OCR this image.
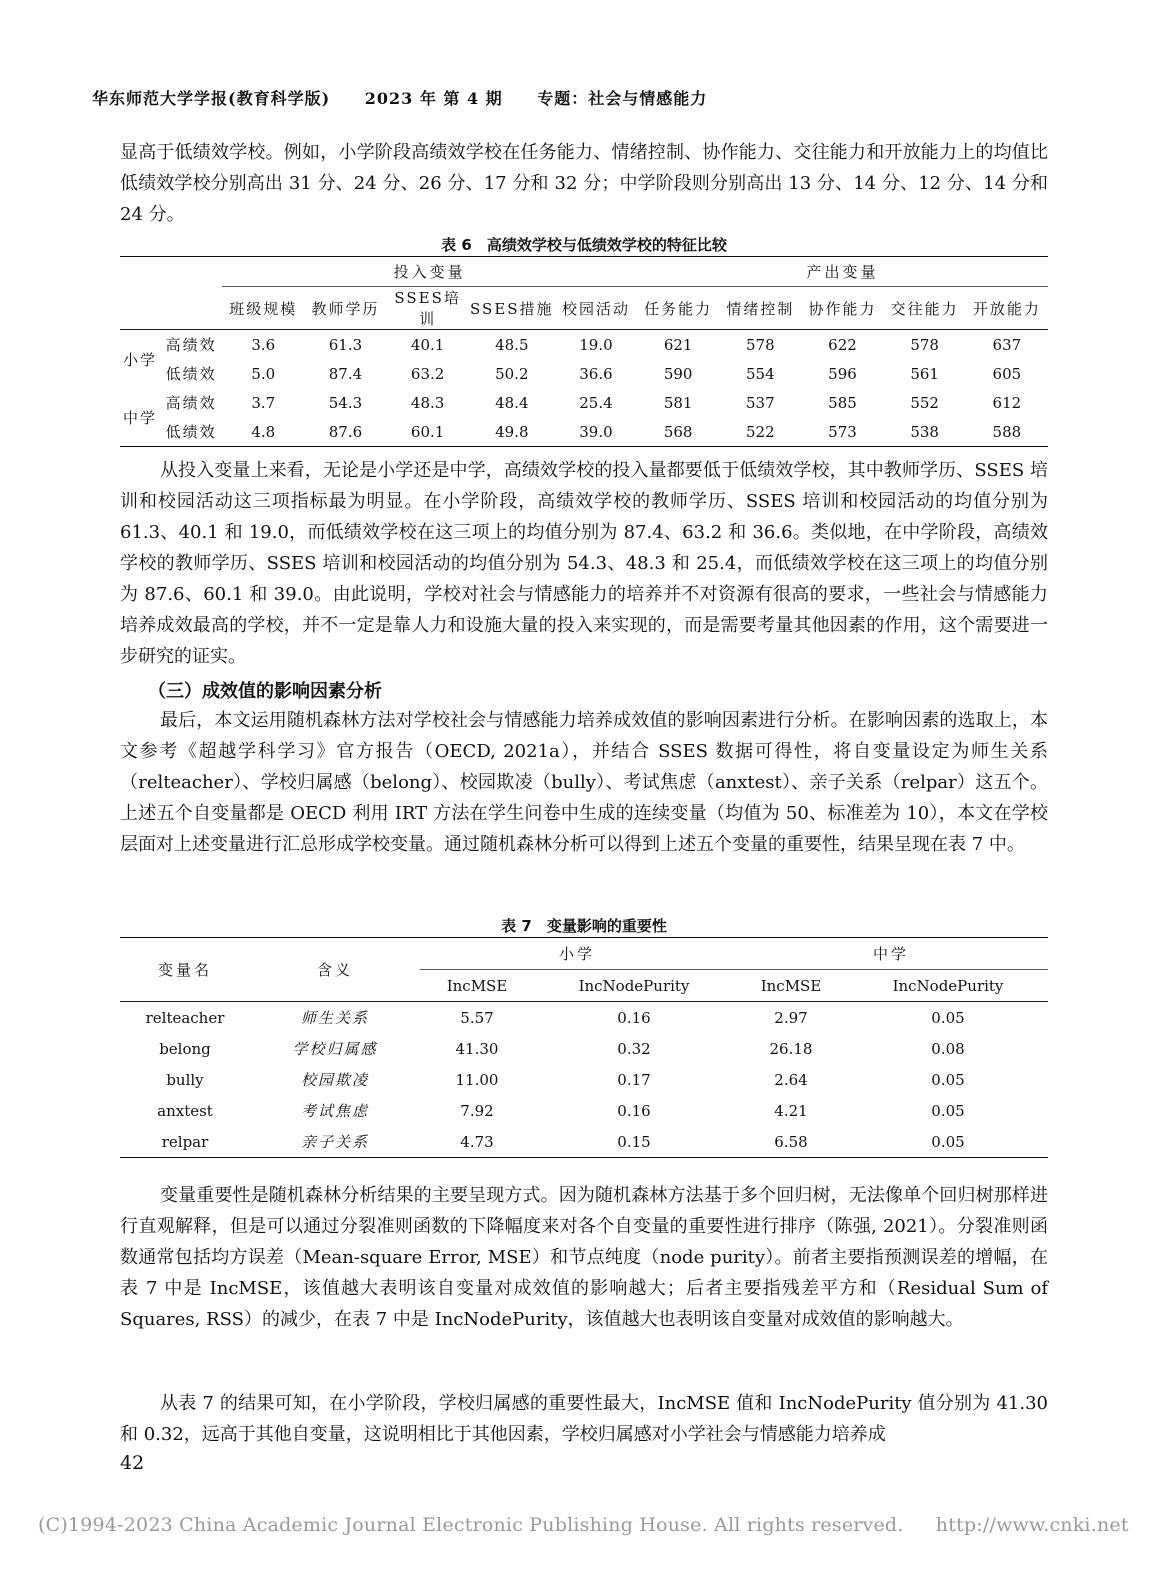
华东师范大学学报(教育科学版) 2023 年 第 4 期 专题：社会与情感能力

显高于低绩效学校。例如，小学阶段高绩效学校在任务能力、情绪控制、协作能力、交往能力和开放能力上的均值比低绩效学校分别高出 31 分、24 分、26 分、17 分和 32 分；中学阶段则分别高出 13 分、14 分、12 分、14 分和 24 分。

表 6　高绩效学校与低绩效学校的特征比较
		投入变量					产出变量				
		班级规模	教师学历	SSES培训	SSES措施	校园活动	任务能力	情绪控制	协作能力	交往能力	开放能力
小学	高绩效	3.6	61.3	40.1	48.5	19.0	621	578	622	578	637
	低绩效	5.0	87.4	63.2	50.2	36.6	590	554	596	561	605
中学	高绩效	3.7	54.3	48.3	48.4	25.4	581	537	585	552	612
	低绩效	4.8	87.6	60.1	49.8	39.0	568	522	573	538	588

从投入变量上来看，无论是小学还是中学，高绩效学校的投入量都要低于低绩效学校，其中教师学历、SSES 培训和校园活动这三项指标最为明显。在小学阶段，高绩效学校的教师学历、SSES 培训和校园活动的均值分别为 61.3、40.1 和 19.0，而低绩效学校在这三项上的均值分别为 87.4、63.2 和 36.6。类似地，在中学阶段，高绩效学校的教师学历、SSES 培训和校园活动的均值分别为 54.3、48.3 和 25.4，而低绩效学校在这三项上的均值分别为 87.6、60.1 和 39.0。由此说明，学校对社会与情感能力的培养并不对资源有很高的要求，一些社会与情感能力培养成效最高的学校，并不一定是靠人力和设施大量的投入来实现的，而是需要考量其他因素的作用，这个需要进一步研究的证实。

（三）成效值的影响因素分析

最后，本文运用随机森林方法对学校社会与情感能力培养成效值的影响因素进行分析。在影响因素的选取上，本文参考《超越学科学习》官方报告（OECD, 2021a），并结合 SSES 数据可得性，将自变量设定为师生关系（relteacher）、学校归属感（belong）、校园欺凌（bully）、考试焦虑（anxtest）、亲子关系（relpar）这五个。上述五个自变量都是 OECD 利用 IRT 方法在学生问卷中生成的连续变量（均值为 50、标准差为 10），本文在学校层面对上述变量进行汇总形成学校变量。通过随机森林分析可以得到上述五个变量的重要性，结果呈现在表 7 中。

表 7　变量影响的重要性
变量名	含义	小学		中学	
		IncMSE	IncNodePurity	IncMSE	IncNodePurity
relteacher	师生关系	5.57	0.16	2.97	0.05
belong	学校归属感	41.30	0.32	26.18	0.08
bully	校园欺凌	11.00	0.17	2.64	0.05
anxtest	考试焦虑	7.92	0.16	4.21	0.05
relpar	亲子关系	4.73	0.15	6.58	0.05

变量重要性是随机森林分析结果的主要呈现方式。因为随机森林方法基于多个回归树，无法像单个回归树那样进行直观解释，但是可以通过分裂准则函数的下降幅度来对各个自变量的重要性进行排序（陈强, 2021）。分裂准则函数通常包括均方误差（Mean-square Error, MSE）和节点纯度（node purity）。前者主要指预测误差的增幅，在表 7 中是 IncMSE，该值越大表明该自变量对成效值的影响越大；后者主要指残差平方和（Residual Sum of Squares, RSS）的减少，在表 7 中是 IncNodePurity，该值越大也表明该自变量对成效值的影响越大。

从表 7 的结果可知，在小学阶段，学校归属感的重要性最大，IncMSE 值和 IncNodePurity 值分别为 41.30 和 0.32，远高于其他自变量，这说明相比于其他因素，学校归属感对小学社会与情感能力培养成

42
(C)1994-2023 China Academic Journal Electronic Publishing House. All rights reserved. http://www.cnki.net
